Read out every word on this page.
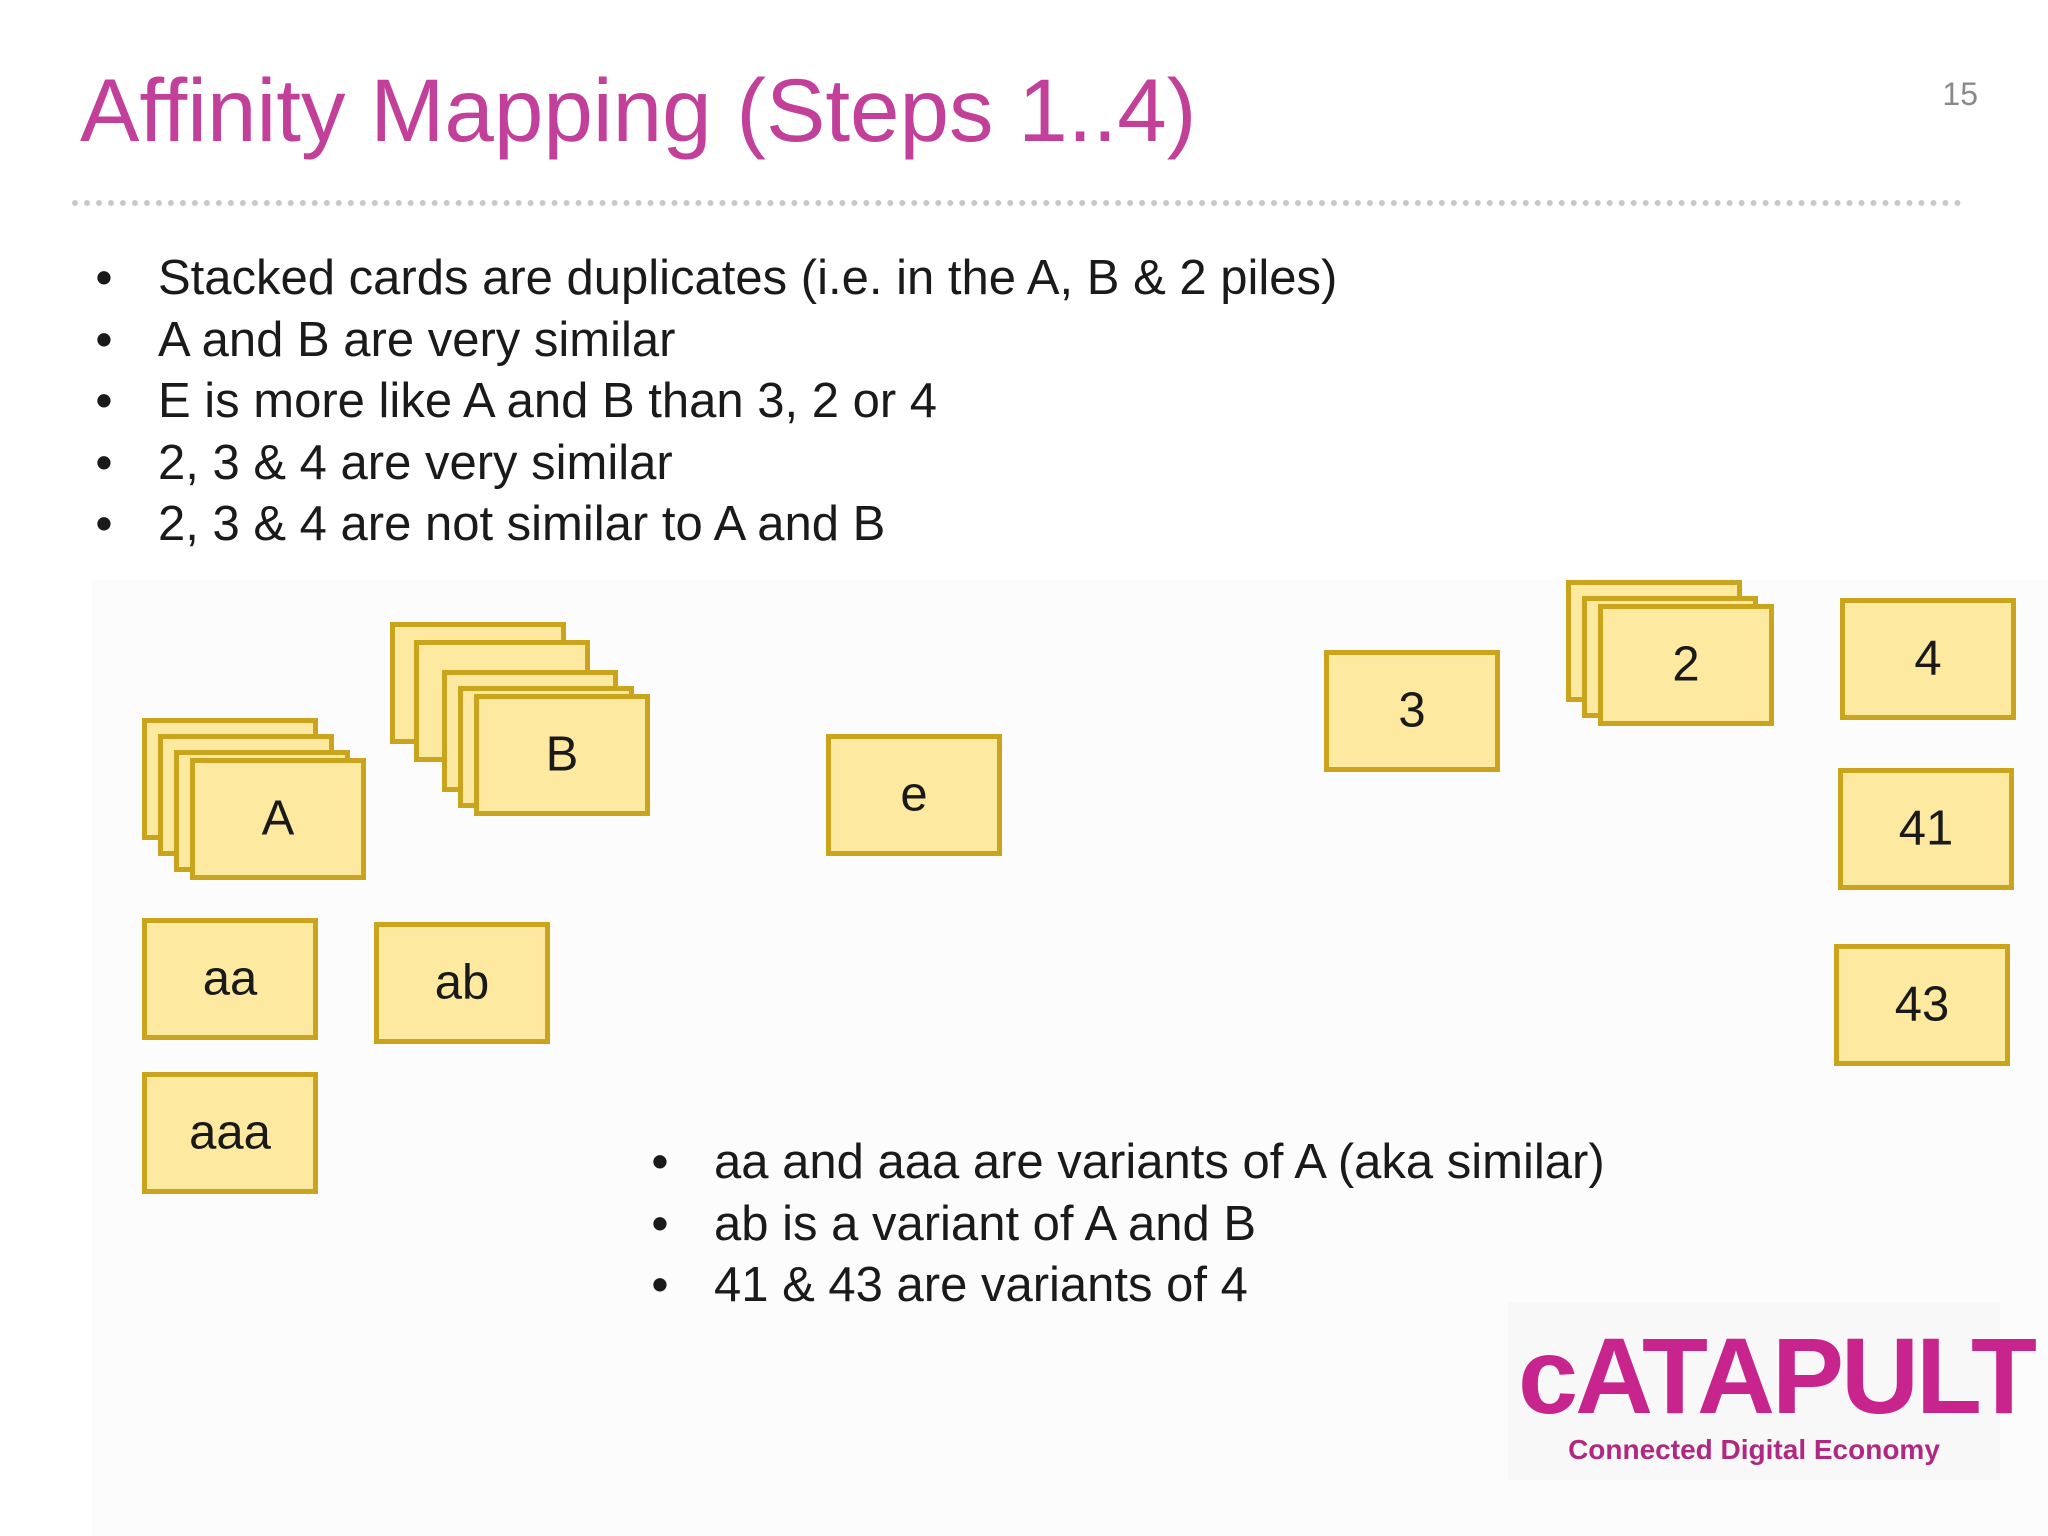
Affinity Mapping (Steps 1..4)	15
• Stacked cards are duplicates (i.e. in the A, B & 2 piles)
• A and B are very similar
• E is more like A and B than 3, 2 or 4
• 2, 3 & 4 are very similar
• 2, 3 & 4 are not similar to A and B
A
B
e
3
2	4
41
43
aa	ab
aaa
• aa and aaa are variants of A (aka similar)
• ab is a variant of A and B
• 41 & 43 are variants of 4
cATAPULT
Connected Digital Economy
